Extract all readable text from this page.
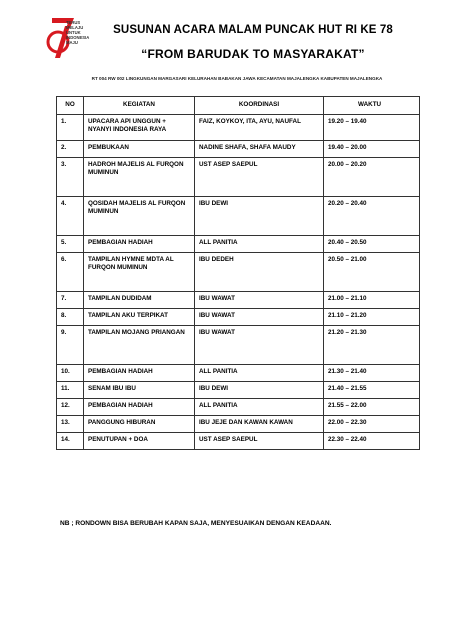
TERUS
MELAJU
UNTUK
INDONESIA
MAJU
SUSUNAN ACARA MALAM PUNCAK HUT RI KE 78
“FROM BARUDAK TO MASYARAKAT”
RT 004 RW 002 LINGKUNGAN MARGASARI KELURAHAN BABAKAN JAWA KECAMATAN MAJALENGKA KABUPATEN MAJALENGKA
NO	KEGIATAN	KOORDINASI	WAKTU
1.	UPACARA API UNGGUN + NYANYI INDONESIA RAYA	FAIZ, KOYKOY, ITA, AYU, NAUFAL	19.20 – 19.40
2.	PEMBUKAAN	NADINE SHAFA, SHAFA MAUDY	19.40 – 20.00
3.	HADROH MAJELIS AL FURQON MUMINUN	UST ASEP SAEPUL	20.00 – 20.20
4.	QOSIDAH MAJELIS AL FURQON MUMINUN	IBU DEWI	20.20 – 20.40
5.	PEMBAGIAN HADIAH	ALL PANITIA	20.40 – 20.50
6.	TAMPILAN HYMNE MDTA AL FURQON MUMINUN	IBU DEDEH	20.50 – 21.00
7.	TAMPILAN DUDIDAM	IBU WAWAT	21.00 – 21.10
8.	TAMPILAN AKU TERPIKAT	IBU WAWAT	21.10 – 21.20
9.	TAMPILAN MOJANG PRIANGAN	IBU WAWAT	21.20 – 21.30
10.	PEMBAGIAN HADIAH	ALL PANITIA	21.30 – 21.40
11.	SENAM IBU IBU	IBU DEWI	21.40 – 21.55
12.	PEMBAGIAN HADIAH	ALL PANITIA	21.55 – 22.00
13.	PANGGUNG HIBURAN	IBU JEJE DAN KAWAN KAWAN	22.00 – 22.30
14.	PENUTUPAN + DOA	UST ASEP SAEPUL	22.30 – 22.40
NB ; RONDOWN BISA BERUBAH KAPAN SAJA, MENYESUAIKAN DENGAN KEADAAN.
